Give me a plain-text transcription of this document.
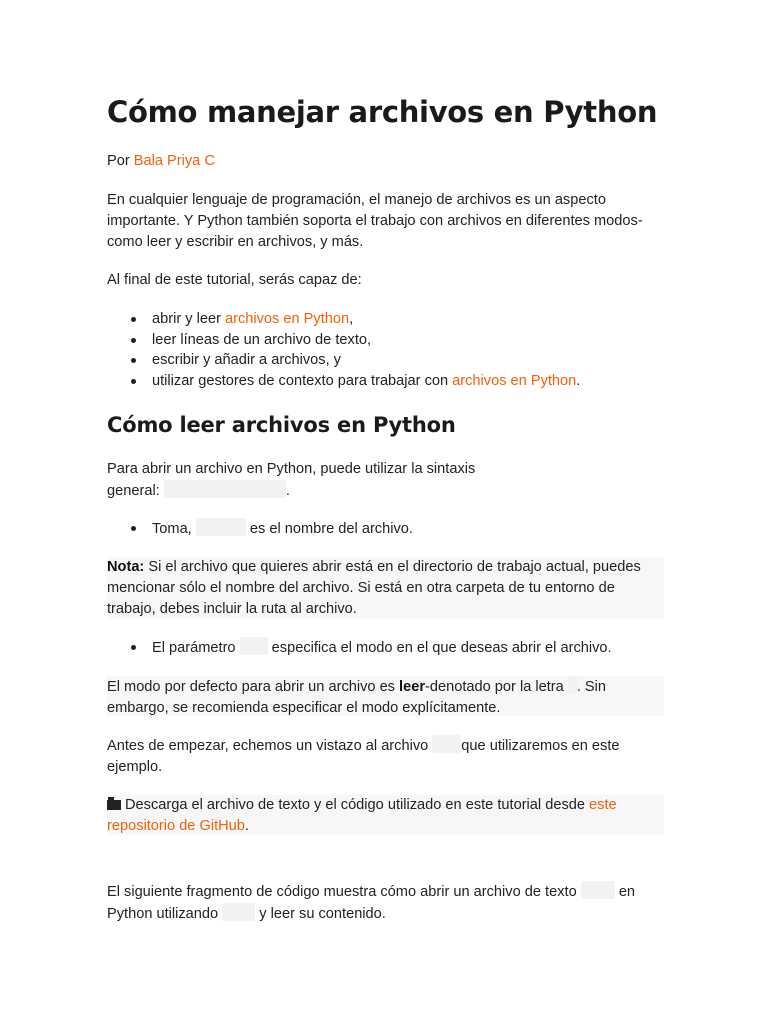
Cómo manejar archivos en Python
Por Bala Priya C

En cualquier lenguaje de programación, el manejo de archivos es un aspecto importante. Y Python también soporta el trabajo con archivos en diferentes modos-como leer y escribir en archivos, y más.

Al final de este tutorial, serás capaz de:

abrir y leer archivos en Python,
leer líneas de un archivo de texto,
escribir y añadir a archivos, y
utilizar gestores de contexto para trabajar con archivos en Python.
Cómo leer archivos en Python
Para abrir un archivo en Python, puede utilizar la sintaxis
general:	.
Toma,	es el nombre del archivo.

Nota: Si el archivo que quieres abrir está en el directorio de trabajo actual, puedes mencionar sólo el nombre del archivo. Si está en otra carpeta de tu entorno de trabajo, debes incluir la ruta al archivo.

El parámetro especifica el modo en el que deseas abrir el archivo.

El modo por defecto para abrir un archivo es leer-denotado por la letra . Sin embargo, se recomienda especificar el modo explícitamente.

Antes de empezar, echemos un vistazo al archivo que utilizaremos en este ejemplo.

Descarga el archivo de texto y el código utilizado en este tutorial desde este repositorio de GitHub.

El siguiente fragmento de código muestra cómo abrir un archivo de texto	en Python utilizando	y leer su contenido.
